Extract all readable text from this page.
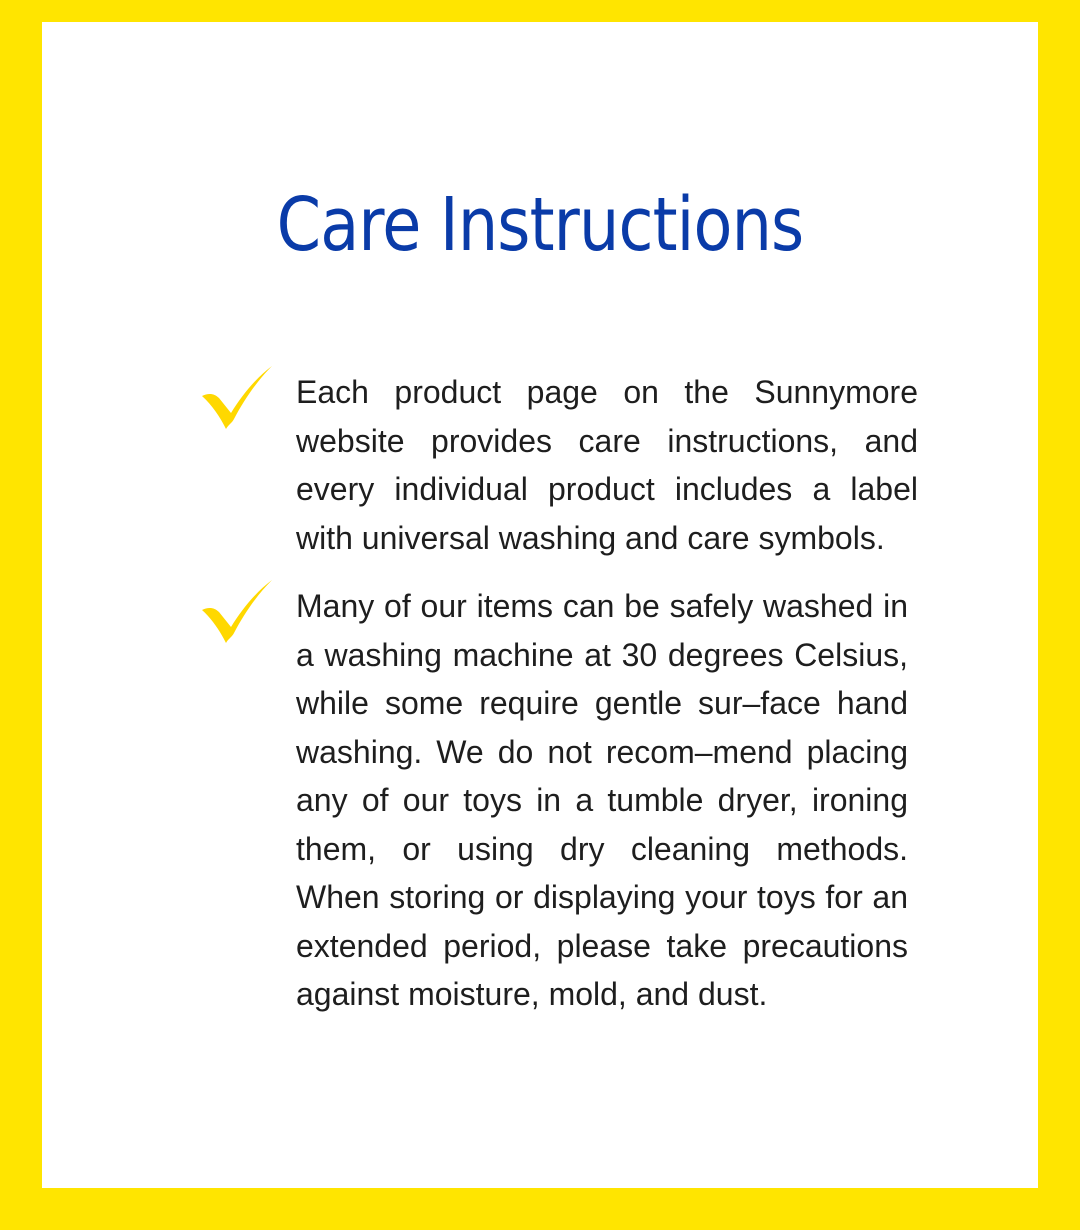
Care Instructions

Each product page on the Sunnymore website provides care instructions, and every individual product includes a label with universal washing and care symbols.

Many of our items can be safely washed in a washing machine at 30 degrees Celsius, while some require gentle sur–face hand washing. We do not recom–mend placing any of our toys in a tumble dryer, ironing them, or using dry cleaning methods. When storing or displaying your toys for an extended period, please take precautions against moisture, mold, and dust.
